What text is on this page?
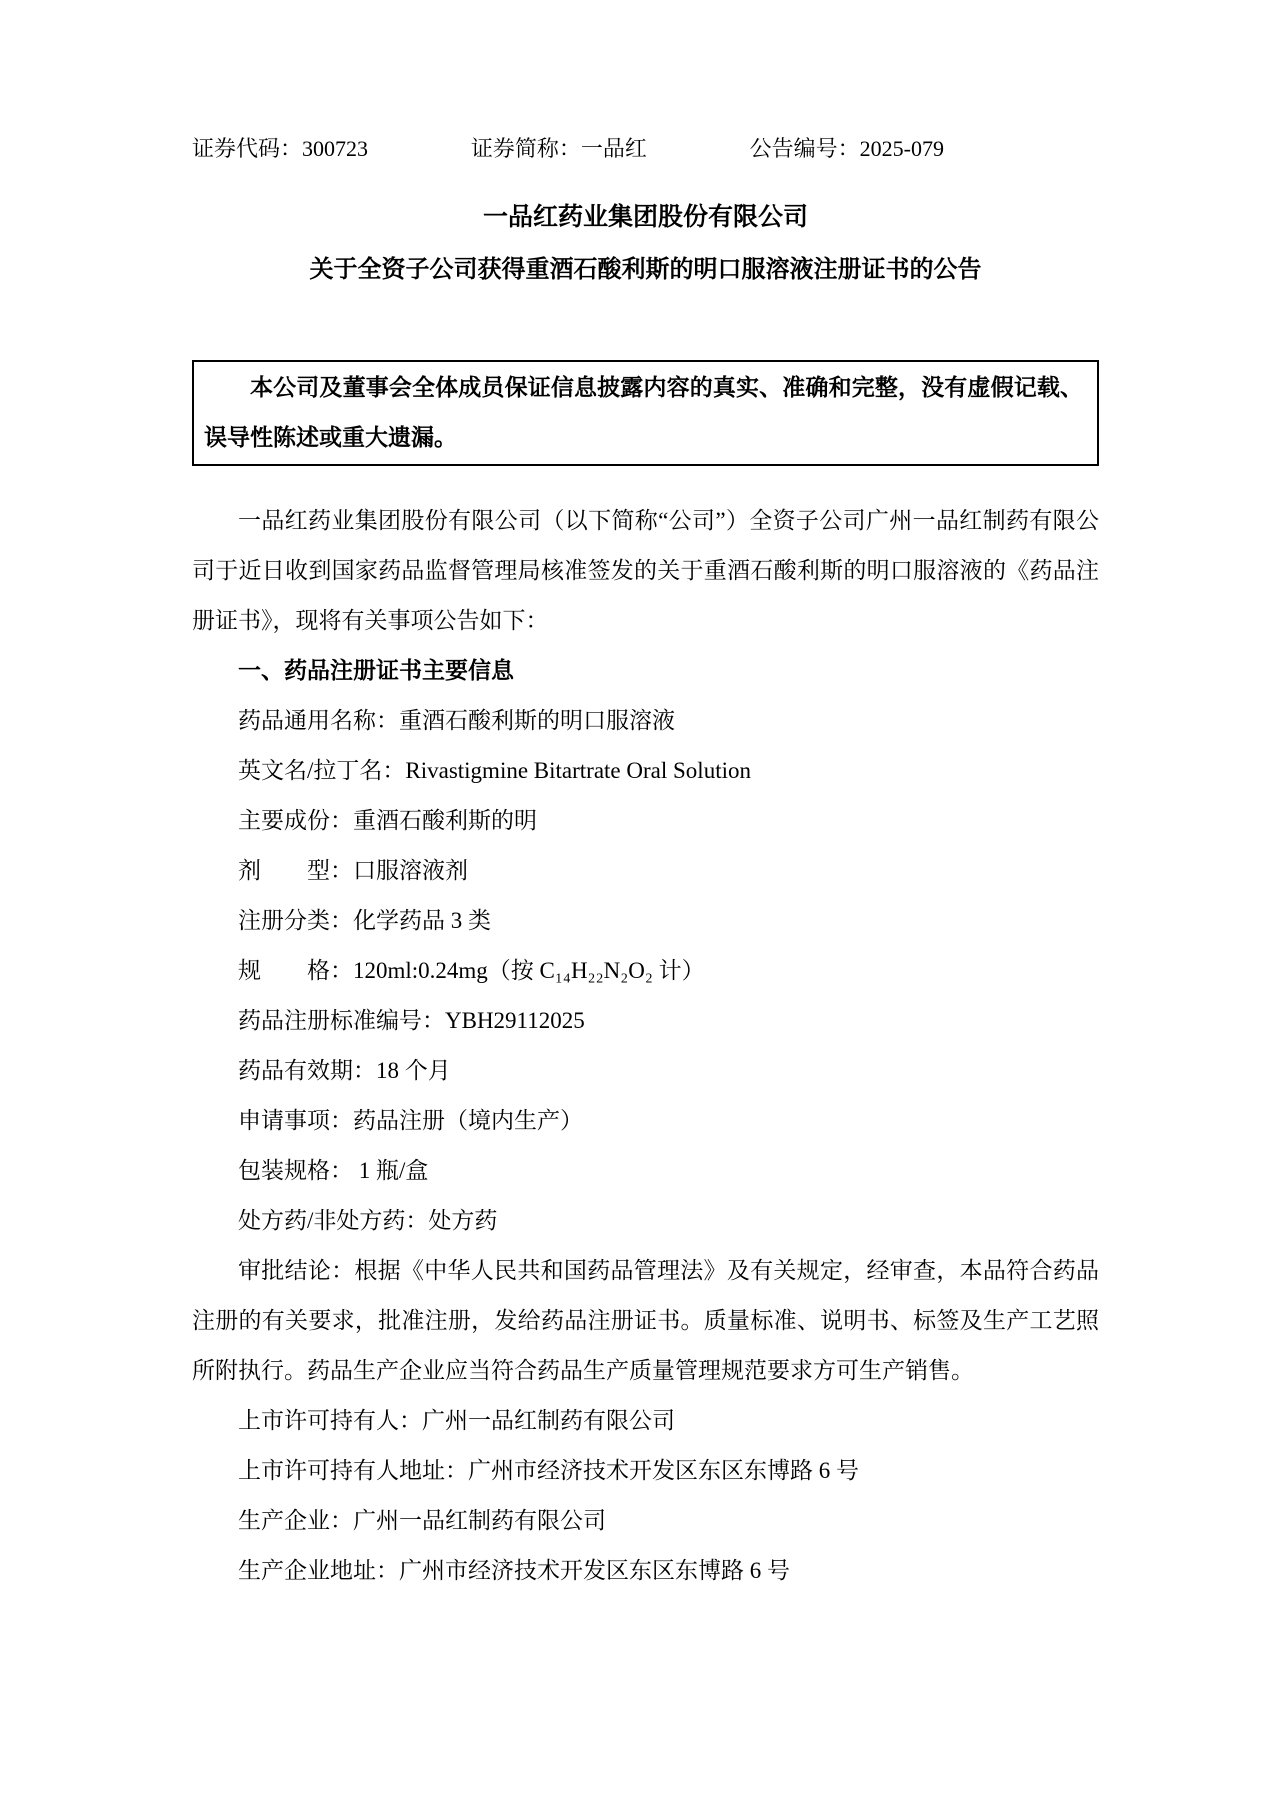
证券代码：300723	证券简称：一品红	公告编号：2025-079
一品红药业集团股份有限公司
关于全资子公司获得重酒石酸利斯的明口服溶液注册证书的公告
本公司及董事会全体成员保证信息披露内容的真实、准确和完整，没有虚假记载、误导性陈述或重大遗漏。

一品红药业集团股份有限公司（以下简称“公司”）全资子公司广州一品红制药有限公司于近日收到国家药品监督管理局核准签发的关于重酒石酸利斯的明口服溶液的《药品注册证书》，现将有关事项公告如下：

一、药品注册证书主要信息

药品通用名称：重酒石酸利斯的明口服溶液

英文名/拉丁名：Rivastigmine Bitartrate Oral Solution

主要成份：重酒石酸利斯的明

剂　　型：口服溶液剂

注册分类：化学药品 3 类

规　　格：120ml:0.24mg（按 C₁₄H₂₂N₂O₂ 计）

药品注册标准编号：YBH29112025

药品有效期：18 个月

申请事项：药品注册（境内生产）

包装规格： 1 瓶/盒

处方药/非处方药：处方药

审批结论：根据《中华人民共和国药品管理法》及有关规定，经审查，本品符合药品注册的有关要求，批准注册，发给药品注册证书。质量标准、说明书、标签及生产工艺照所附执行。药品生产企业应当符合药品生产质量管理规范要求方可生产销售。

上市许可持有人：广州一品红制药有限公司

上市许可持有人地址：广州市经济技术开发区东区东博路 6 号

生产企业：广州一品红制药有限公司

生产企业地址：广州市经济技术开发区东区东博路 6 号
